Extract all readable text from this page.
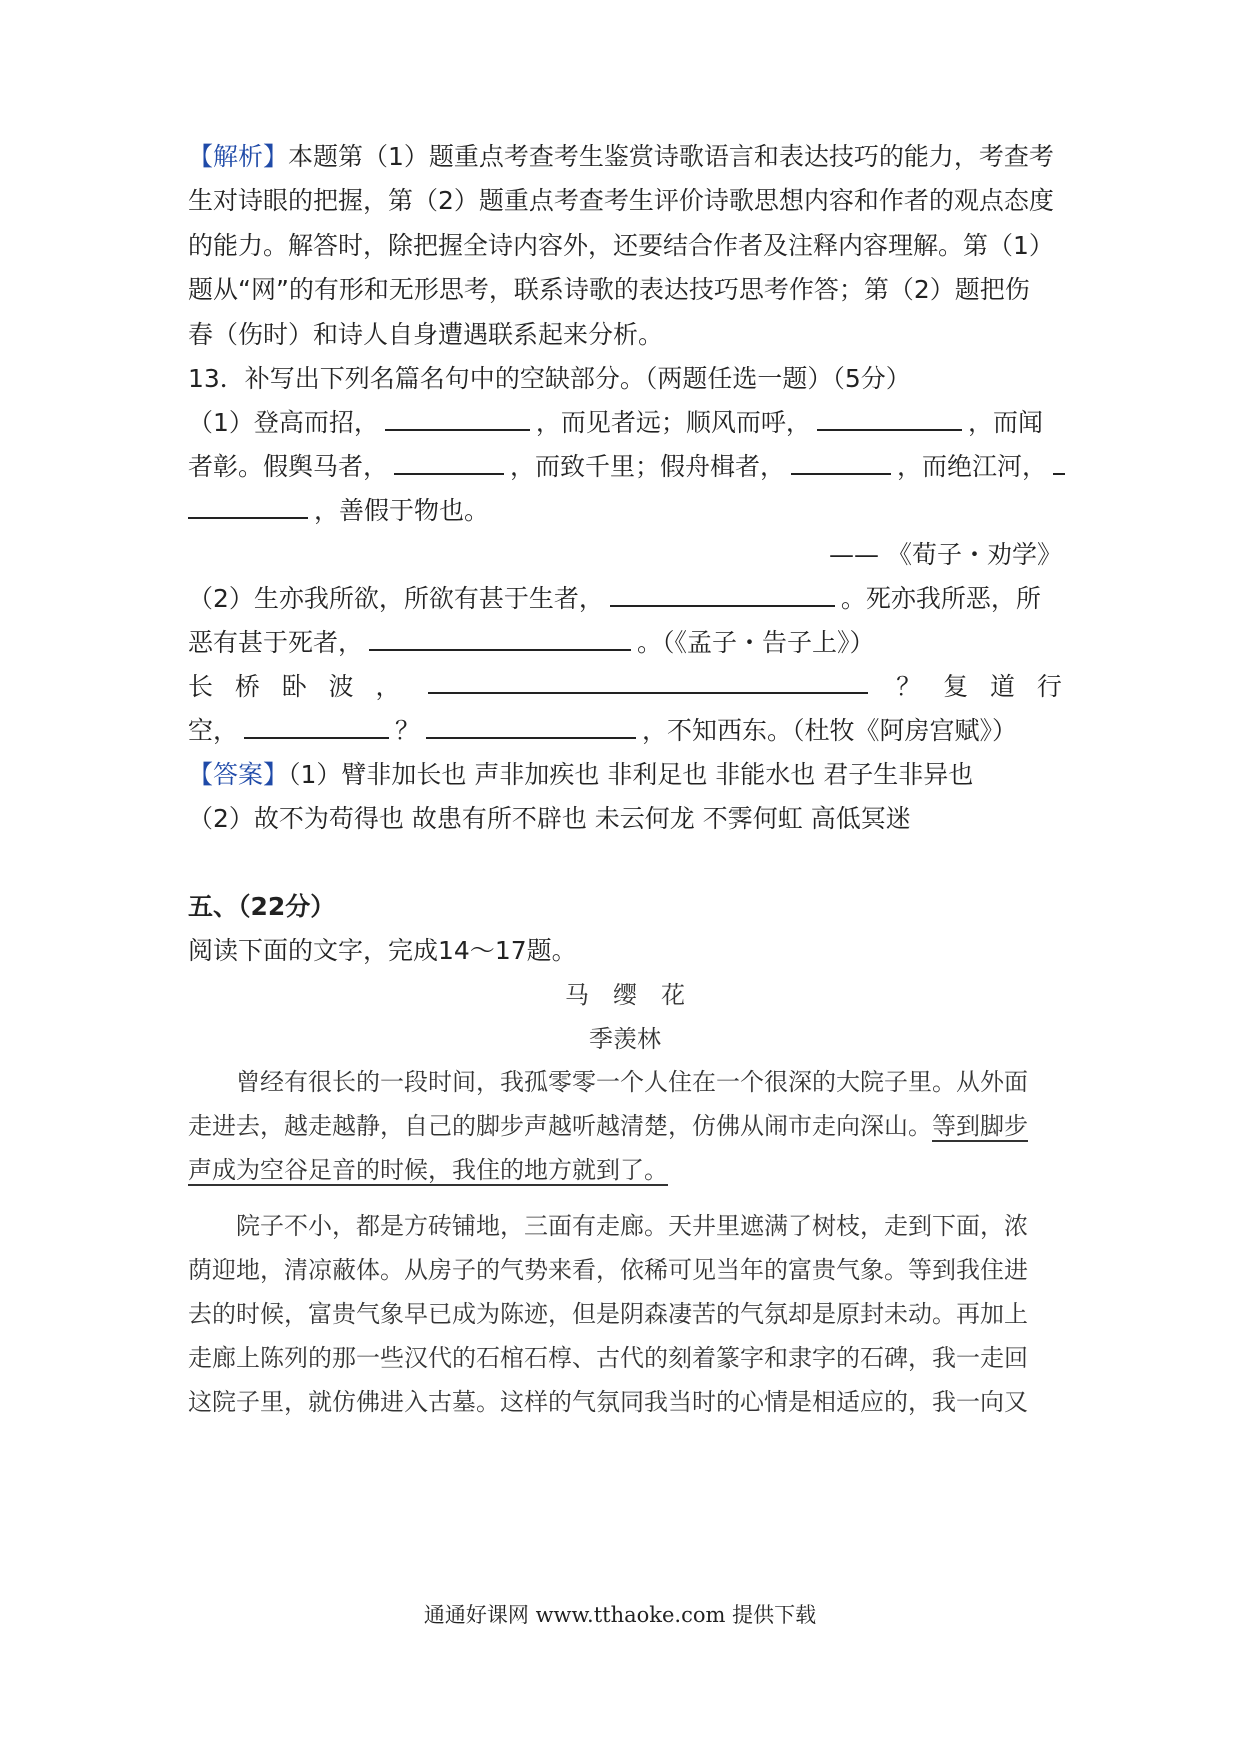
【解析】本题第（1）题重点考查考生鉴赏诗歌语言和表达技巧的能力，考查考
生对诗眼的把握，第（2）题重点考查考生评价诗歌思想内容和作者的观点态度
的能力。解答时，除把握全诗内容外，还要结合作者及注释内容理解。第（1）
题从“网”的有形和无形思考，联系诗歌的表达技巧思考作答；第（2）题把伤
春（伤时）和诗人自身遭遇联系起来分析。
13．补写出下列名篇名句中的空缺部分。（两题任选一题）（5分）
（1）登高而招，	，而见者远；顺风而呼，	，而闻
者彰。假舆马者，	，而致千里；假舟楫者，	，而绝江河，
，善假于物也。
—— 《荀子・劝学》
（2）生亦我所欲，所欲有甚于生者，	。死亦我所恶，所
恶有甚于死者，	。（《孟子・告子上》）
长 桥 卧 波 ，	？ 复 道 行
空，	？	，不知西东。（杜牧《阿房宫赋》）
【答案】（1）臂非加长也 声非加疾也 非利足也 非能水也 君子生非异也
（2）故不为苟得也 故患有所不辟也 未云何龙 不霁何虹 高低冥迷
五、（22分）
阅读下面的文字，完成14～17题。
马　缨　花
季羡林
曾经有很长的一段时间，我孤零零一个人住在一个很深的大院子里。从外面
走进去，越走越静，自己的脚步声越听越清楚，仿佛从闹市走向深山。等到脚步
声成为空谷足音的时候，我住的地方就到了。
院子不小，都是方砖铺地，三面有走廊。天井里遮满了树枝，走到下面，浓
荫迎地，清凉蔽体。从房子的气势来看，依稀可见当年的富贵气象。等到我住进
去的时候，富贵气象早已成为陈迹，但是阴森凄苦的气氛却是原封未动。再加上
走廊上陈列的那一些汉代的石棺石椁、古代的刻着篆字和隶字的石碑，我一走回
这院子里，就仿佛进入古墓。这样的气氛同我当时的心情是相适应的，我一向又
通通好课网 www.tthaoke.com 提供下载
